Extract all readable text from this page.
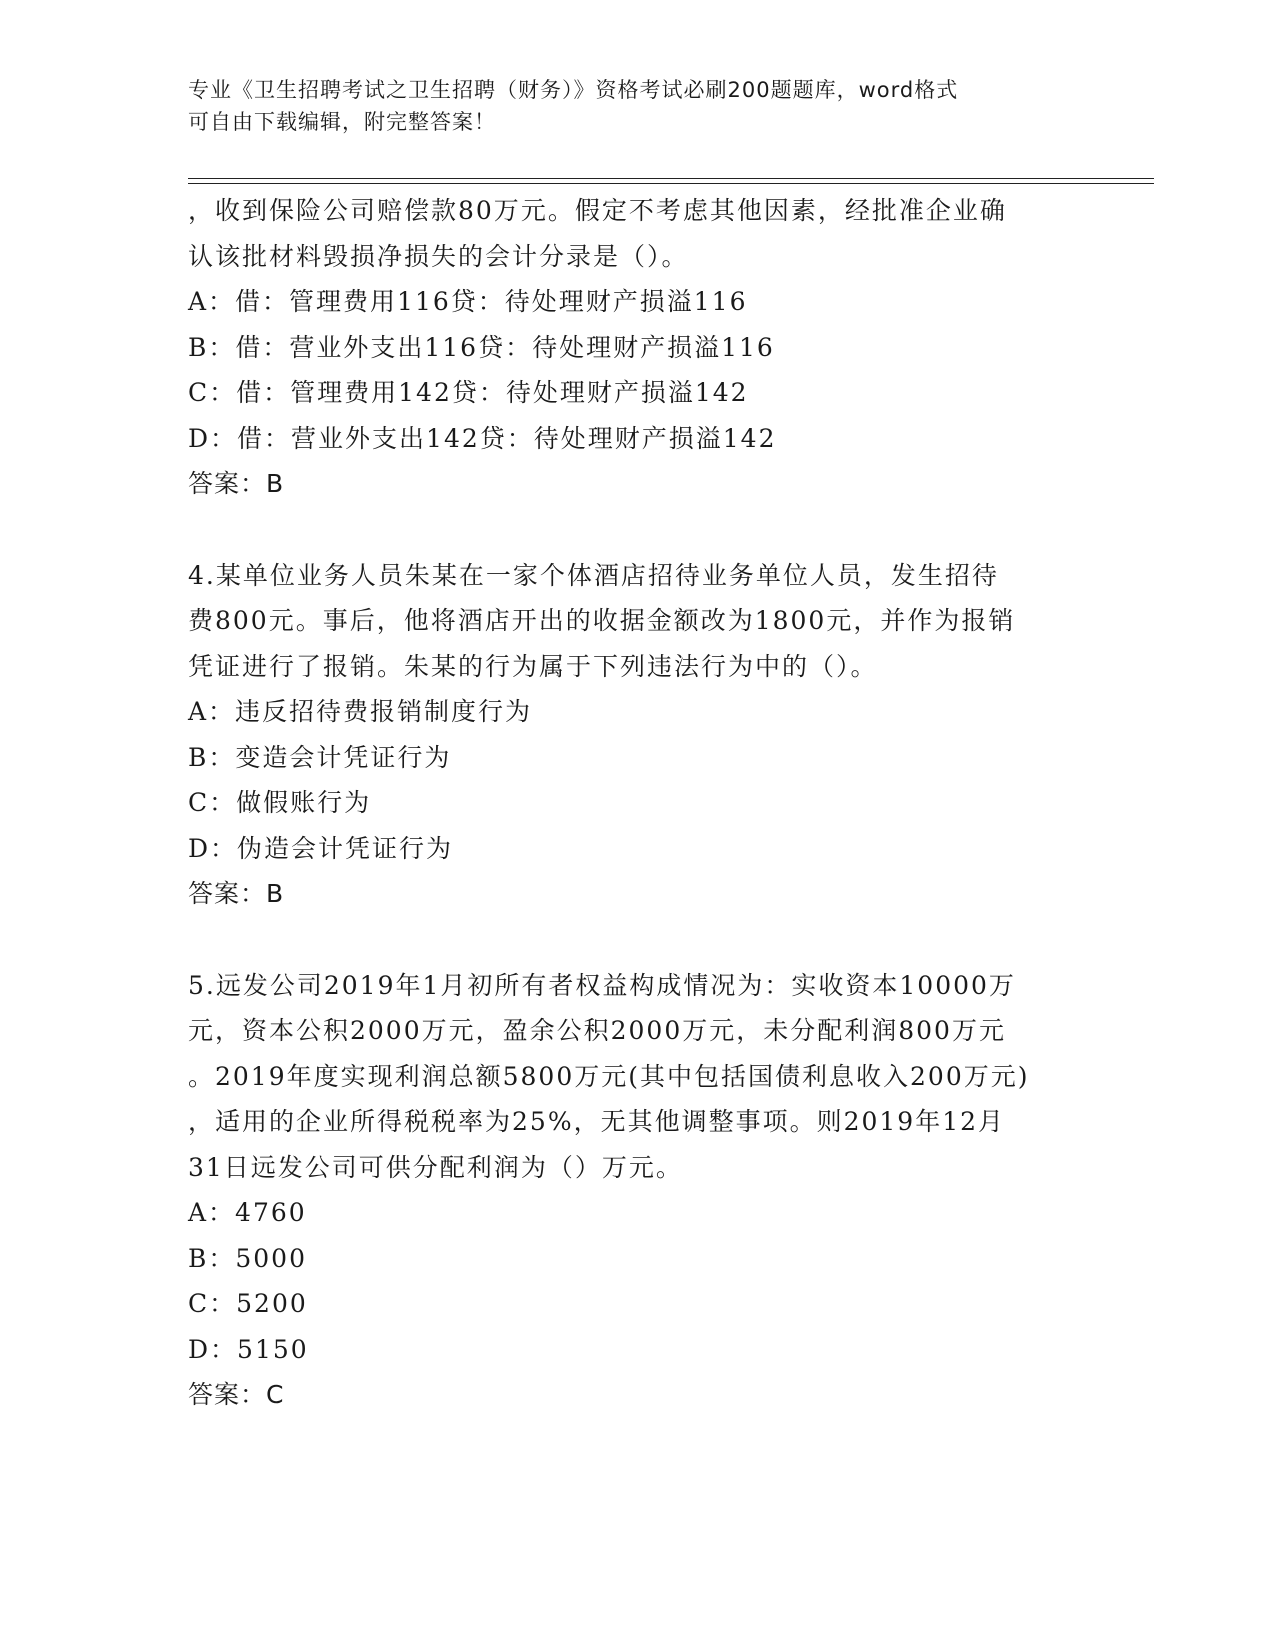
专业《卫生招聘考试之卫生招聘（财务）》资格考试必刷200题题库，word格式
可自由下载编辑，附完整答案！
，收到保险公司赔偿款80万元。假定不考虑其他因素，经批准企业确
认该批材料毁损净损失的会计分录是（）。
A：借：管理费用116贷：待处理财产损溢116
B：借：营业外支出116贷：待处理财产损溢116
C：借：管理费用142贷：待处理财产损溢142
D：借：营业外支出142贷：待处理财产损溢142
答案：B
4.某单位业务人员朱某在一家个体酒店招待业务单位人员，发生招待
费800元。事后，他将酒店开出的收据金额改为1800元，并作为报销
凭证进行了报销。朱某的行为属于下列违法行为中的（）。
A：违反招待费报销制度行为
B：变造会计凭证行为
C：做假账行为
D：伪造会计凭证行为
答案：B
5.远发公司2019年1月初所有者权益构成情况为：实收资本10000万
元，资本公积2000万元，盈余公积2000万元，未分配利润800万元
。2019年度实现利润总额5800万元(其中包括国债利息收入200万元)
，适用的企业所得税税率为25%，无其他调整事项。则2019年12月
31日远发公司可供分配利润为（）万元。
A：4760
B：5000
C：5200
D：5150
答案：C
